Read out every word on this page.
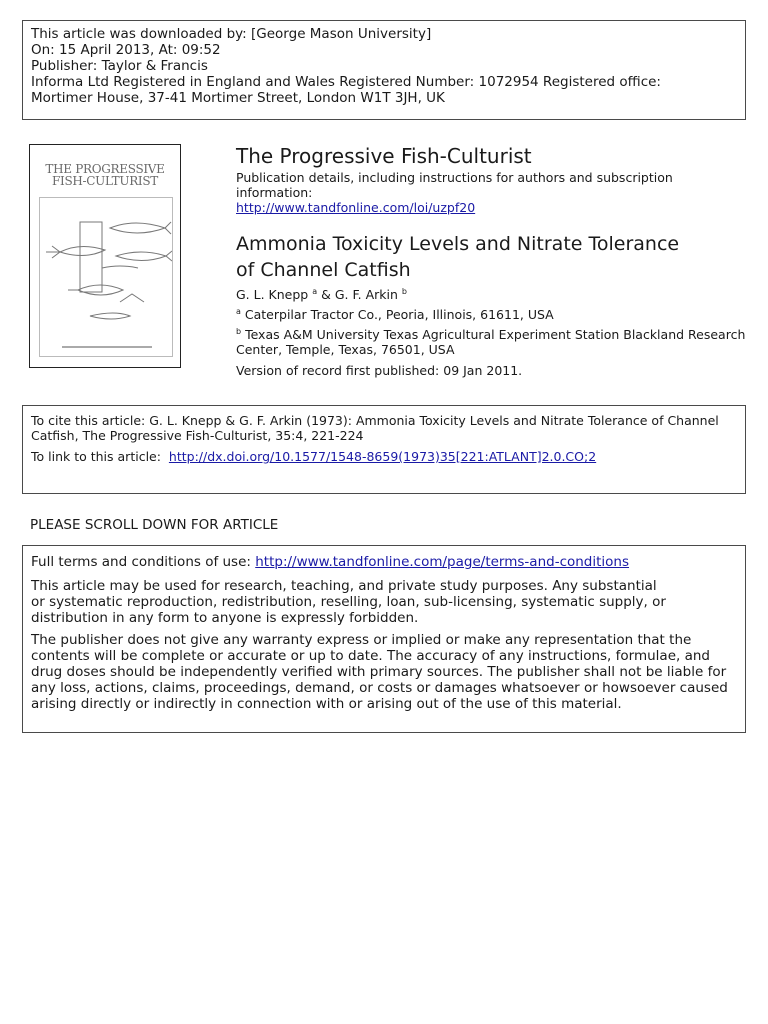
This article was downloaded by: [George Mason University]
On: 15 April 2013, At: 09:52
Publisher: Taylor & Francis
Informa Ltd Registered in England and Wales Registered Number: 1072954 Registered office:
Mortimer House, 37-41 Mortimer Street, London W1T 3JH, UK
THE PROGRESSIVE
FISH-CULTURIST
The Progressive Fish-Culturist
Publication details, including instructions for authors and subscription
information:
http://www.tandfonline.com/loi/uzpf20
Ammonia Toxicity Levels and Nitrate Tolerance
of Channel Catfish
G. L. Knepp $^a$ & G. F. Arkin $^b$
$^a$ Caterpilar Tractor Co., Peoria, Illinois, 61611, USA
$^b$ Texas A&M University Texas Agricultural Experiment Station Blackland Research
Center, Temple, Texas, 76501, USA
Version of record first published: 09 Jan 2011.
To cite this article: G. L. Knepp & G. F. Arkin (1973): Ammonia Toxicity Levels and Nitrate Tolerance of Channel
Catfish, The Progressive Fish-Culturist, 35:4, 221-224
To link to this article:  http://dx.doi.org/10.1577/1548-8659(1973)35[221:ATLANT]2.0.CO;2
PLEASE SCROLL DOWN FOR ARTICLE

Full terms and conditions of use: http://www.tandfonline.com/page/terms-and-conditions

This article may be used for research, teaching, and private study purposes. Any substantial
or systematic reproduction, redistribution, reselling, loan, sub-licensing, systematic supply, or
distribution in any form to anyone is expressly forbidden.

The publisher does not give any warranty express or implied or make any representation that the
contents will be complete or accurate or up to date. The accuracy of any instructions, formulae, and
drug doses should be independently verified with primary sources. The publisher shall not be liable for
any loss, actions, claims, proceedings, demand, or costs or damages whatsoever or howsoever caused
arising directly or indirectly in connection with or arising out of the use of this material.
